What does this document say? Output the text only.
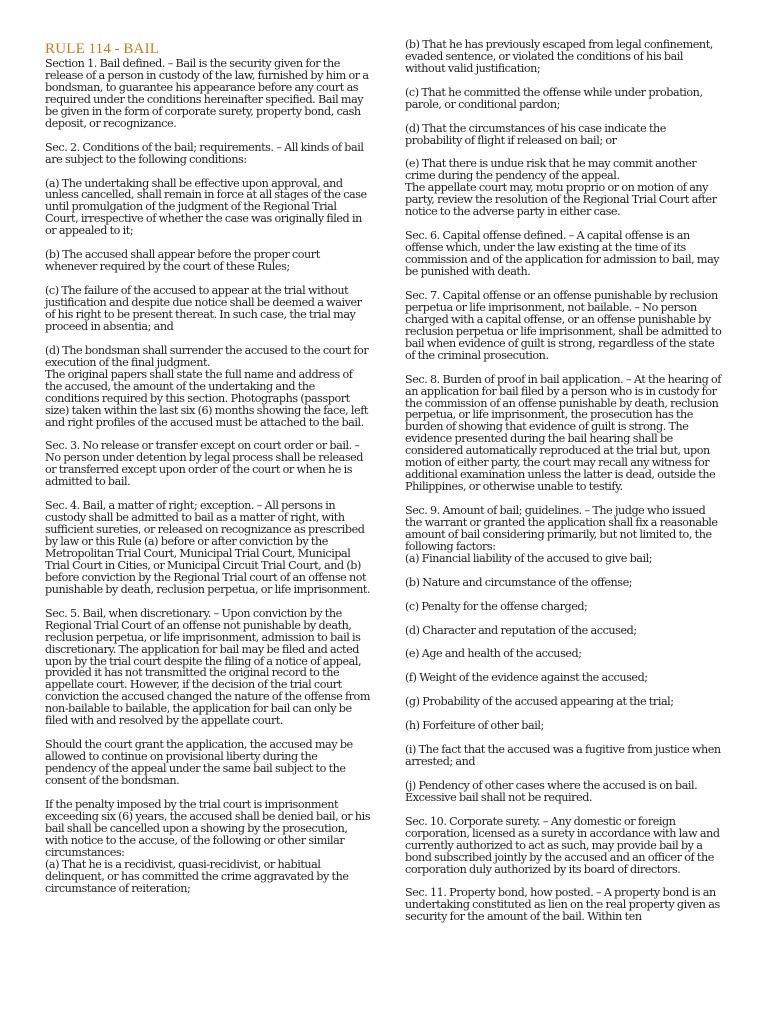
RULE 114 - BAIL
Section 1. Bail defined. – Bail is the security given for the release of a person in custody of the law, furnished by him or a bondsman, to guarantee his appearance before any court as required under the conditions hereinafter specified. Bail may be given in the form of corporate surety, property bond, cash deposit, or recognizance.
Sec. 2. Conditions of the bail; requirements. – All kinds of bail are subject to the following conditions:
(a) The undertaking shall be effective upon approval, and unless cancelled, shall remain in force at all stages of the case until promulgation of the judgment of the Regional Trial Court, irrespective of whether the case was originally filed in or appealed to it;
(b) The accused shall appear before the proper court whenever required by the court of these Rules;
(c) The failure of the accused to appear at the trial without justification and despite due notice shall be deemed a waiver of his right to be present thereat. In such case, the trial may proceed in absentia; and
(d) The bondsman shall surrender the accused to the court for execution of the final judgment.
The original papers shall state the full name and address of the accused, the amount of the undertaking and the conditions required by this section. Photographs (passport size) taken within the last six (6) months showing the face, left and right profiles of the accused must be attached to the bail.
Sec. 3. No release or transfer except on court order or bail. – No person under detention by legal process shall be released or transferred except upon order of the court or when he is admitted to bail.
Sec. 4. Bail, a matter of right; exception. – All persons in custody shall be admitted to bail as a matter of right, with sufficient sureties, or released on recognizance as prescribed by law or this Rule (a) before or after conviction by the Metropolitan Trial Court, Municipal Trial Court, Municipal Trial Court in Cities, or Municipal Circuit Trial Court, and (b) before conviction by the Regional Trial court of an offense not punishable by death, reclusion perpetua, or life imprisonment.
Sec. 5. Bail, when discretionary. – Upon conviction by the Regional Trial Court of an offense not punishable by death, reclusion perpetua, or life imprisonment, admission to bail is discretionary. The application for bail may be filed and acted upon by the trial court despite the filing of a notice of appeal, provided it has not transmitted the original record to the appellate court. However, if the decision of the trial court conviction the accused changed the nature of the offense from non-bailable to bailable, the application for bail can only be filed with and resolved by the appellate court.
Should the court grant the application, the accused may be allowed to continue on provisional liberty during the pendency of the appeal under the same bail subject to the consent of the bondsman.
If the penalty imposed by the trial court is imprisonment exceeding six (6) years, the accused shall be denied bail, or his bail shall be cancelled upon a showing by the prosecution, with notice to the accuse, of the following or other similar circumstances:
(a) That he is a recidivist, quasi-recidivist, or habitual delinquent, or has committed the crime aggravated by the circumstance of reiteration;
(b) That he has previously escaped from legal confinement, evaded sentence, or violated the conditions of his bail without valid justification;
(c) That he committed the offense while under probation, parole, or conditional pardon;
(d) That the circumstances of his case indicate the probability of flight if released on bail; or
(e) That there is undue risk that he may commit another crime during the pendency of the appeal.
The appellate court may, motu proprio or on motion of any party, review the resolution of the Regional Trial Court after notice to the adverse party in either case.
Sec. 6. Capital offense defined. – A capital offense is an offense which, under the law existing at the time of its commission and of the application for admission to bail, may be punished with death.
Sec. 7. Capital offense or an offense punishable by reclusion perpetua or life imprisonment, not bailable. – No person charged with a capital offense, or an offense punishable by reclusion perpetua or life imprisonment, shall be admitted to bail when evidence of guilt is strong, regardless of the state of the criminal prosecution.
Sec. 8. Burden of proof in bail application. – At the hearing of an application for bail filed by a person who is in custody for the commission of an offense punishable by death, reclusion perpetua, or life imprisonment, the prosecution has the burden of showing that evidence of guilt is strong. The evidence presented during the bail hearing shall be considered automatically reproduced at the trial but, upon motion of either party, the court may recall any witness for additional examination unless the latter is dead, outside the Philippines, or otherwise unable to testify.
Sec. 9. Amount of bail; guidelines. – The judge who issued the warrant or granted the application shall fix a reasonable amount of bail considering primarily, but not limited to, the following factors:
(a) Financial liability of the accused to give bail;
(b) Nature and circumstance of the offense;
(c) Penalty for the offense charged;
(d) Character and reputation of the accused;
(e) Age and health of the accused;
(f) Weight of the evidence against the accused;
(g) Probability of the accused appearing at the trial;
(h) Forfeiture of other bail;
(i) The fact that the accused was a fugitive from justice when arrested; and
(j) Pendency of other cases where the accused is on bail.
Excessive bail shall not be required.
Sec. 10. Corporate surety. – Any domestic or foreign corporation, licensed as a surety in accordance with law and currently authorized to act as such, may provide bail by a bond subscribed jointly by the accused and an officer of the corporation duly authorized by its board of directors.
Sec. 11. Property bond, how posted. – A property bond is an undertaking constituted as lien on the real property given as security for the amount of the bail. Within ten
